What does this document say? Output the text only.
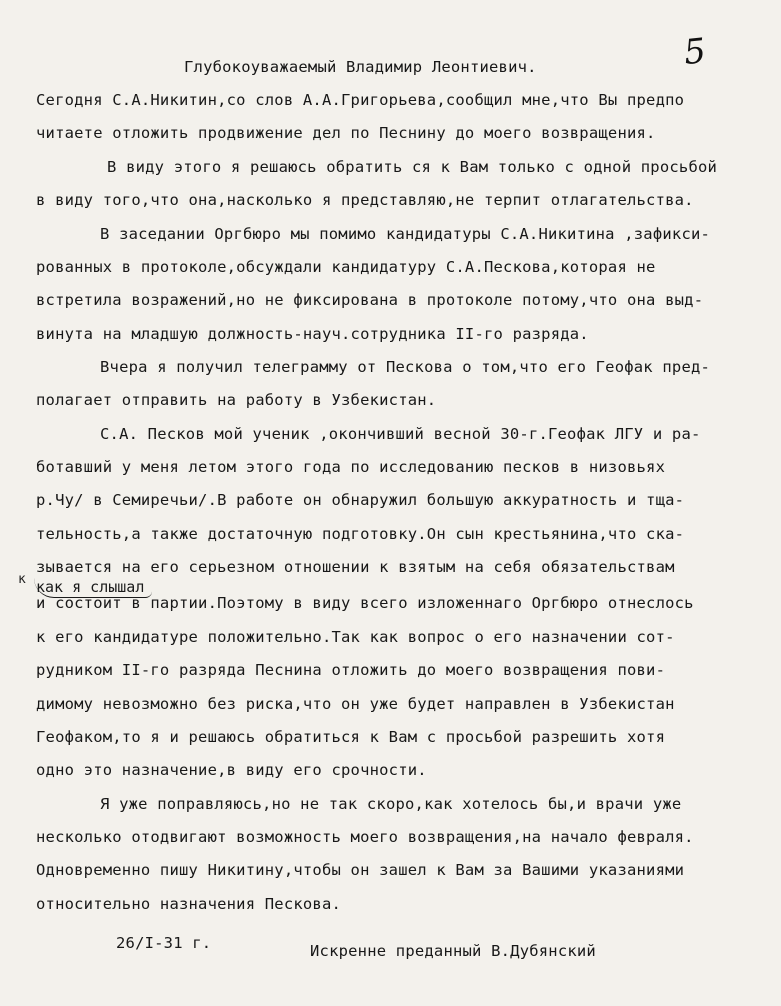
5
Глубокоуважаемый Владимир Леонтиевич.
Сегодня С.А.Никитин,со слов А.А.Григорьева,сообщил мне,что Вы предпо
читаете отложить продвижение дел по Песнину до моего возвращения.
В виду этого я решаюсь обратить ся к Вам только с одной просьбой
в виду того,что она,насколько я представляю,не терпит отлагательства.
В заседании Оргбюро мы помимо кандидатуры С.А.Никитина ,зафикси-
рованных в протоколе,обсуждали кандидатуру С.А.Пескова,которая не
встретила возражений,но не фиксирована в протоколе потому,что она выд-
винута на младшую должность-науч.сотрудника II-го разряда.
Вчера я получил телеграмму от Пескова о том,что его Геофак пред-
полагает отправить на работу в Узбекистан.
С.А. Песков мой ученик ,окончивший весной 30-г.Геофак ЛГУ и ра-
ботавший у меня летом этого года по исследованию песков в низовьях
р.Чу/ в Семиречьи/.В работе он обнаружил большую аккуратность и тща-
тельность,а также достаточную подготовку.Он сын крестьянина,что ска-
зывается на его серьезном отношении к взятым на себя обязательствам
к как я слышал
и состоит в партии.Поэтому в виду всего изложеннаго Оргбюро отнеслось
к его кандидатуре положительно.Так как вопрос о его назначении сот-
рудником II-го разряда Песнина отложить до моего возвращения пови-
димому невозможно без риска,что он уже будет направлен в Узбекистан
Геофаком,то я и решаюсь обратиться к Вам с просьбой разрешить хотя
одно это назначение,в виду его срочности.
Я уже поправляюсь,но не так скоро,как хотелось бы,и врачи уже
несколько отодвигают возможность моего возвращения,на начало февраля.
Одновременно пишу Никитину,чтобы он зашел к Вам за Вашими указаниями
относительно назначения Пескова.
26/I-31 г.	Искренне преданный В.Дубянский
